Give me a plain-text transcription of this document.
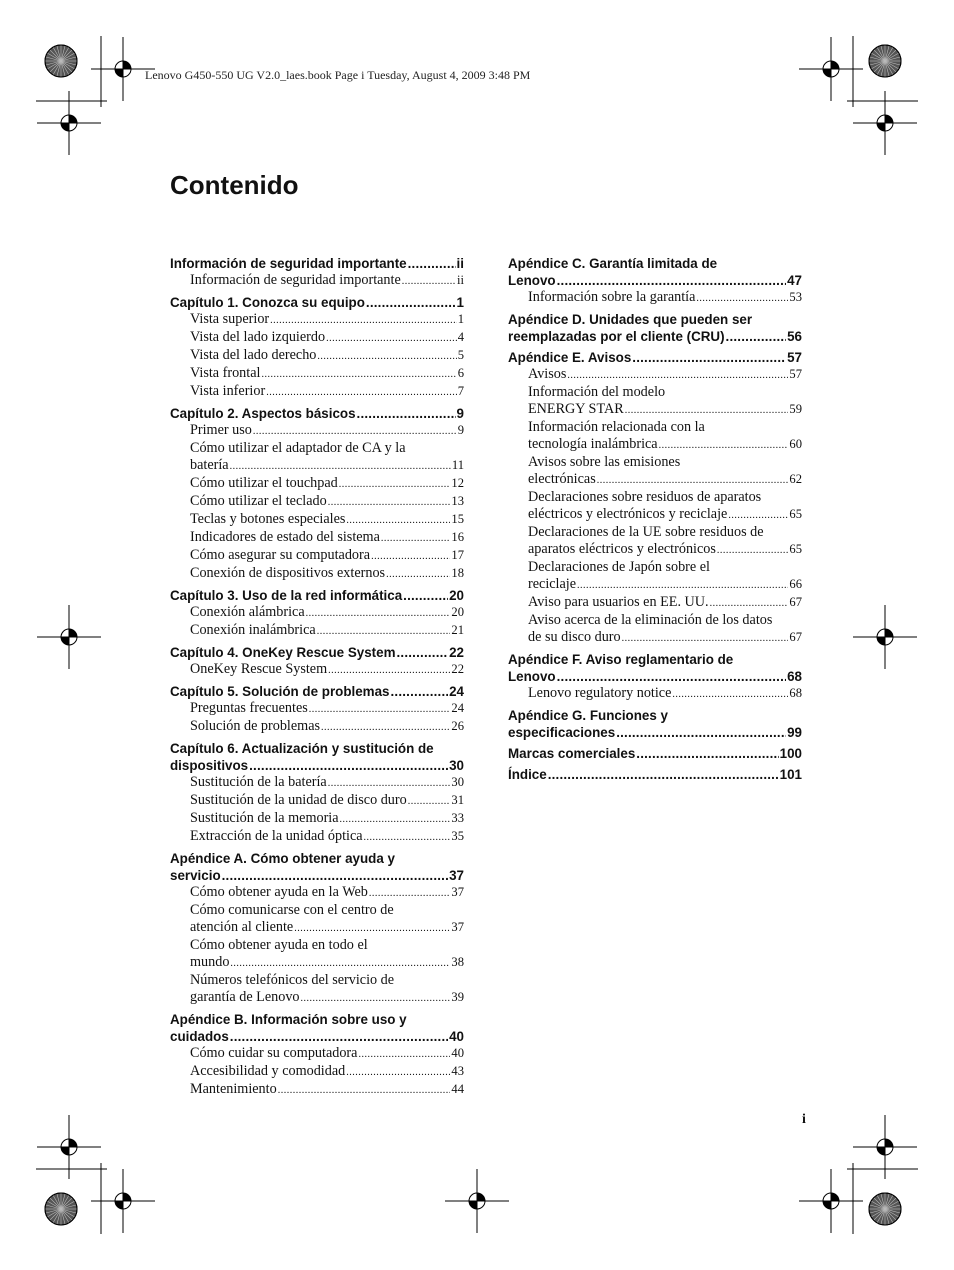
Lenovo G450-550 UG V2.0_laes.book Page i Tuesday, August 4, 2009 3:48 PM
Contenido
Información de seguridad importante .....	ii
Información de seguridad importante .....	ii
Capítulo 1. Conozca su equipo .....	1
Vista superior .....	1
Vista del lado izquierdo .....	4
Vista del lado derecho .....	5
Vista frontal .....	6
Vista inferior .....	7
Capítulo 2. Aspectos básicos .....	9
Primer uso .....	9
Cómo utilizar el adaptador de CA y la
batería .....	11
Cómo utilizar el touchpad .....	12
Cómo utilizar el teclado .....	13
Teclas y botones especiales .....	15
Indicadores de estado del sistema .....	16
Cómo asegurar su computadora .....	17
Conexión de dispositivos externos .....	18
Capítulo 3. Uso de la red informática .....	20
Conexión alámbrica .....	20
Conexión inalámbrica .....	21
Capítulo 4. OneKey Rescue System .....	22
OneKey Rescue System .....	22
Capítulo 5. Solución de problemas .....	24
Preguntas frecuentes .....	24
Solución de problemas .....	26
Capítulo 6. Actualización y sustitución de
dispositivos .....	30
Sustitución de la batería .....	30
Sustitución de la unidad de disco duro .....	31
Sustitución de la memoria .....	33
Extracción de la unidad óptica .....	35
Apéndice A. Cómo obtener ayuda y
servicio .....	37
Cómo obtener ayuda en la Web .....	37
Cómo comunicarse con el centro de
atención al cliente .....	37
Cómo obtener ayuda en todo el
mundo .....	38
Números telefónicos del servicio de
garantía de Lenovo .....	39
Apéndice B. Información sobre uso y
cuidados .....	40
Cómo cuidar su computadora .....	40
Accesibilidad y comodidad .....	43
Mantenimiento .....	44
Apéndice C. Garantía limitada de
Lenovo .....	47
Información sobre la garantía .....	53
Apéndice D. Unidades que pueden ser
reemplazadas por el cliente (CRU) .....	56
Apéndice E. Avisos .....	57
Avisos .....	57
Información del modelo
ENERGY STAR .....	59
Información relacionada con la
tecnología inalámbrica .....	60
Avisos sobre las emisiones
electrónicas .....	62
Declaraciones sobre residuos de aparatos
eléctricos y electrónicos y reciclaje .....	65
Declaraciones de la UE sobre residuos de
aparatos eléctricos y electrónicos .....	65
Declaraciones de Japón sobre el
reciclaje .....	66
Aviso para usuarios en EE. UU. .....	67
Aviso acerca de la eliminación de los datos
de su disco duro .....	67
Apéndice F. Aviso reglamentario de
Lenovo .....	68
Lenovo regulatory notice .....	68
Apéndice G. Funciones y
especificaciones .....	99
Marcas comerciales .....	100
Índice .....	101
i
